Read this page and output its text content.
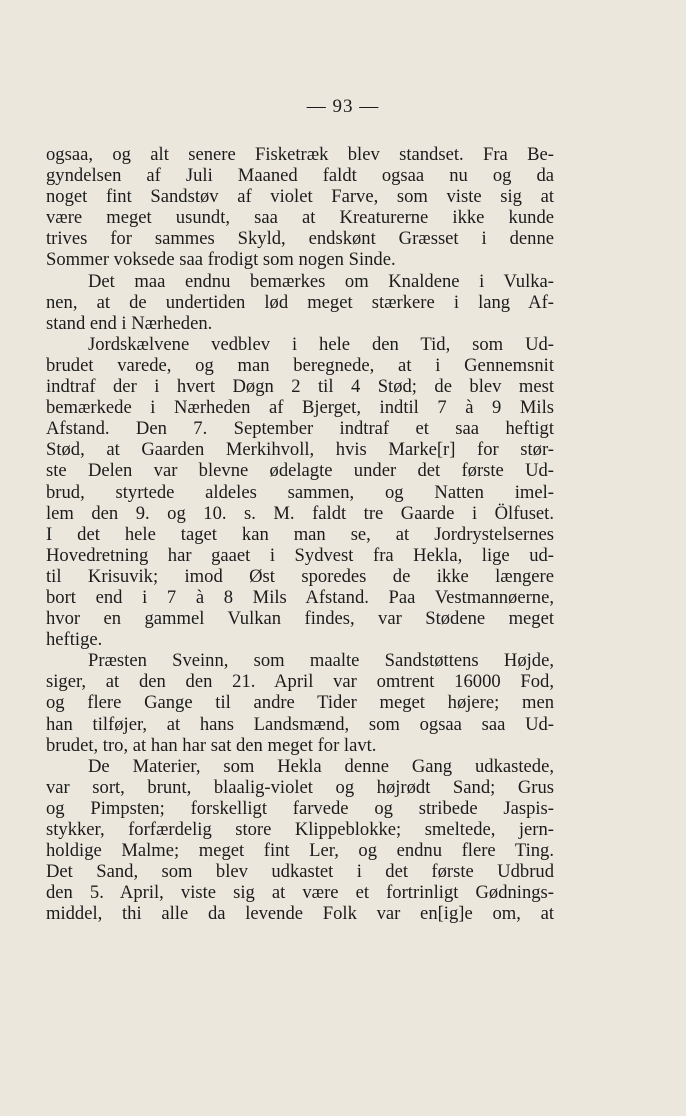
— 93 —
ogsaa, og alt senere Fisketræk blev standset. Fra Be-
gyndelsen af Juli Maaned faldt ogsaa nu og da
noget fint Sandstøv af violet Farve, som viste sig at
være meget usundt, saa at Kreaturerne ikke kunde
trives for sammes Skyld, endskønt Græsset i denne
Sommer voksede saa frodigt som nogen Sinde.
Det maa endnu bemærkes om Knaldene i Vulka-
nen, at de undertiden lød meget stærkere i lang Af-
stand end i Nærheden.
Jordskælvene vedblev i hele den Tid, som Ud-
brudet varede, og man beregnede, at i Gennemsnit
indtraf der i hvert Døgn 2 til 4 Stød; de blev mest
bemærkede i Nærheden af Bjerget, indtil 7 à 9 Mils
Afstand. Den 7. September indtraf et saa heftigt
Stød, at Gaarden Merkihvoll, hvis Marke[r] for stør-
ste Delen var blevne ødelagte under det første Ud-
brud, styrtede aldeles sammen, og Natten imel-
lem den 9. og 10. s. M. faldt tre Gaarde i Ölfuset.
I det hele taget kan man se, at Jordrystelsernes
Hovedretning har gaaet i Sydvest fra Hekla, lige ud-
til Krisuvik; imod Øst sporedes de ikke længere
bort end i 7 à 8 Mils Afstand. Paa Vestmannøerne,
hvor en gammel Vulkan findes, var Stødene meget
heftige.
Præsten Sveinn, som maalte Sandstøttens Højde,
siger, at den den 21. April var omtrent 16000 Fod,
og flere Gange til andre Tider meget højere; men
han tilføjer, at hans Landsmænd, som ogsaa saa Ud-
brudet, tro, at han har sat den meget for lavt.
De Materier, som Hekla denne Gang udkastede,
var sort, brunt, blaalig-violet og højrødt Sand; Grus
og Pimpsten; forskelligt farvede og stribede Jaspis-
stykker, forfærdelig store Klippeblokke; smeltede, jern-
holdige Malme; meget fint Ler, og endnu flere Ting.
Det Sand, som blev udkastet i det første Udbrud
den 5. April, viste sig at være et fortrinligt Gødnings-
middel, thi alle da levende Folk var en[ig]e om, at
